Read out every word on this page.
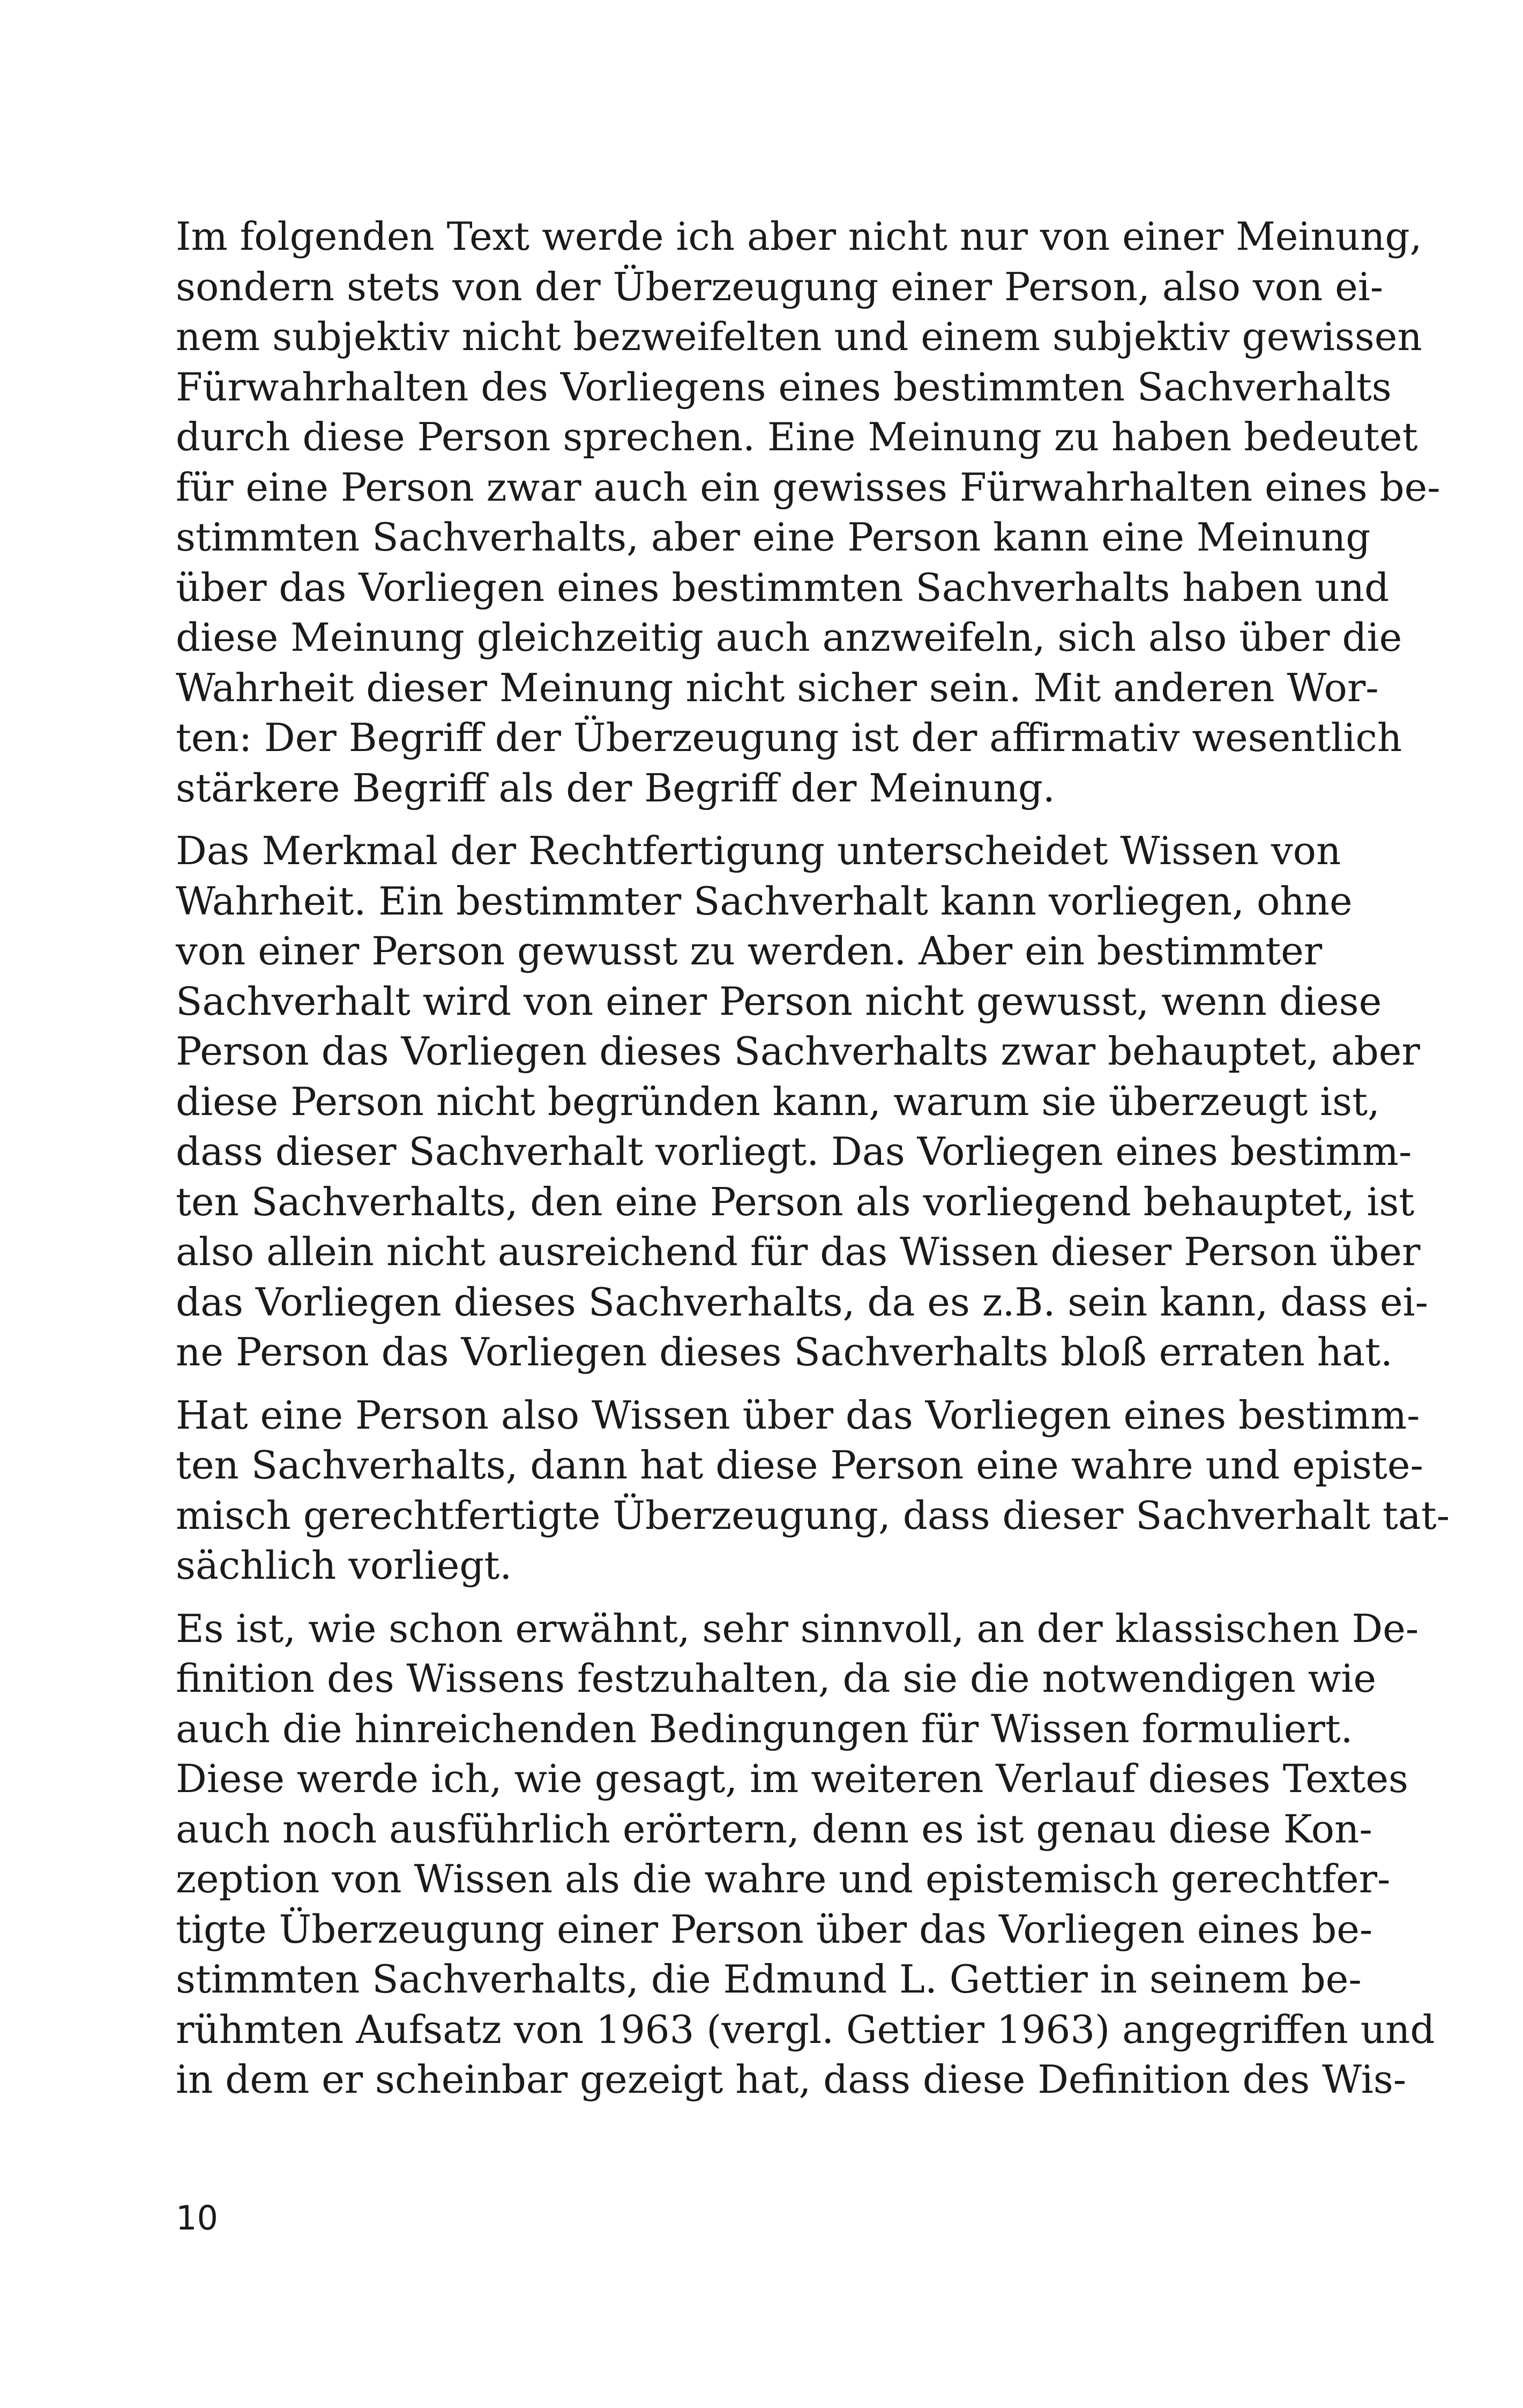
Im folgenden Text werde ich aber nicht nur von einer Meinung,
sondern stets von der Überzeugung einer Person, also von ei-
nem subjektiv nicht bezweifelten und einem subjektiv gewissen
Fürwahrhalten des Vorliegens eines bestimmten Sachverhalts
durch diese Person sprechen. Eine Meinung zu haben bedeutet
für eine Person zwar auch ein gewisses Fürwahrhalten eines be-
stimmten Sachverhalts, aber eine Person kann eine Meinung
über das Vorliegen eines bestimmten Sachverhalts haben und
diese Meinung gleichzeitig auch anzweifeln, sich also über die
Wahrheit dieser Meinung nicht sicher sein. Mit anderen Wor-
ten: Der Begriff der Überzeugung ist der affirmativ wesentlich
stärkere Begriff als der Begriff der Meinung.
Das Merkmal der Rechtfertigung unterscheidet Wissen von
Wahrheit. Ein bestimmter Sachverhalt kann vorliegen, ohne
von einer Person gewusst zu werden. Aber ein bestimmter
Sachverhalt wird von einer Person nicht gewusst, wenn diese
Person das Vorliegen dieses Sachverhalts zwar behauptet, aber
diese Person nicht begründen kann, warum sie überzeugt ist,
dass dieser Sachverhalt vorliegt. Das Vorliegen eines bestimm-
ten Sachverhalts, den eine Person als vorliegend behauptet, ist
also allein nicht ausreichend für das Wissen dieser Person über
das Vorliegen dieses Sachverhalts, da es z.B. sein kann, dass ei-
ne Person das Vorliegen dieses Sachverhalts bloß erraten hat.
Hat eine Person also Wissen über das Vorliegen eines bestimm-
ten Sachverhalts, dann hat diese Person eine wahre und episte-
misch gerechtfertigte Überzeugung, dass dieser Sachverhalt tat-
sächlich vorliegt.
Es ist, wie schon erwähnt, sehr sinnvoll, an der klassischen De-
finition des Wissens festzuhalten, da sie die notwendigen wie
auch die hinreichenden Bedingungen für Wissen formuliert.
Diese werde ich, wie gesagt, im weiteren Verlauf dieses Textes
auch noch ausführlich erörtern, denn es ist genau diese Kon-
zeption von Wissen als die wahre und epistemisch gerechtfer-
tigte Überzeugung einer Person über das Vorliegen eines be-
stimmten Sachverhalts, die Edmund L. Gettier in seinem be-
rühmten Aufsatz von 1963 (vergl. Gettier 1963) angegriffen und
in dem er scheinbar gezeigt hat, dass diese Definition des Wis-
10
